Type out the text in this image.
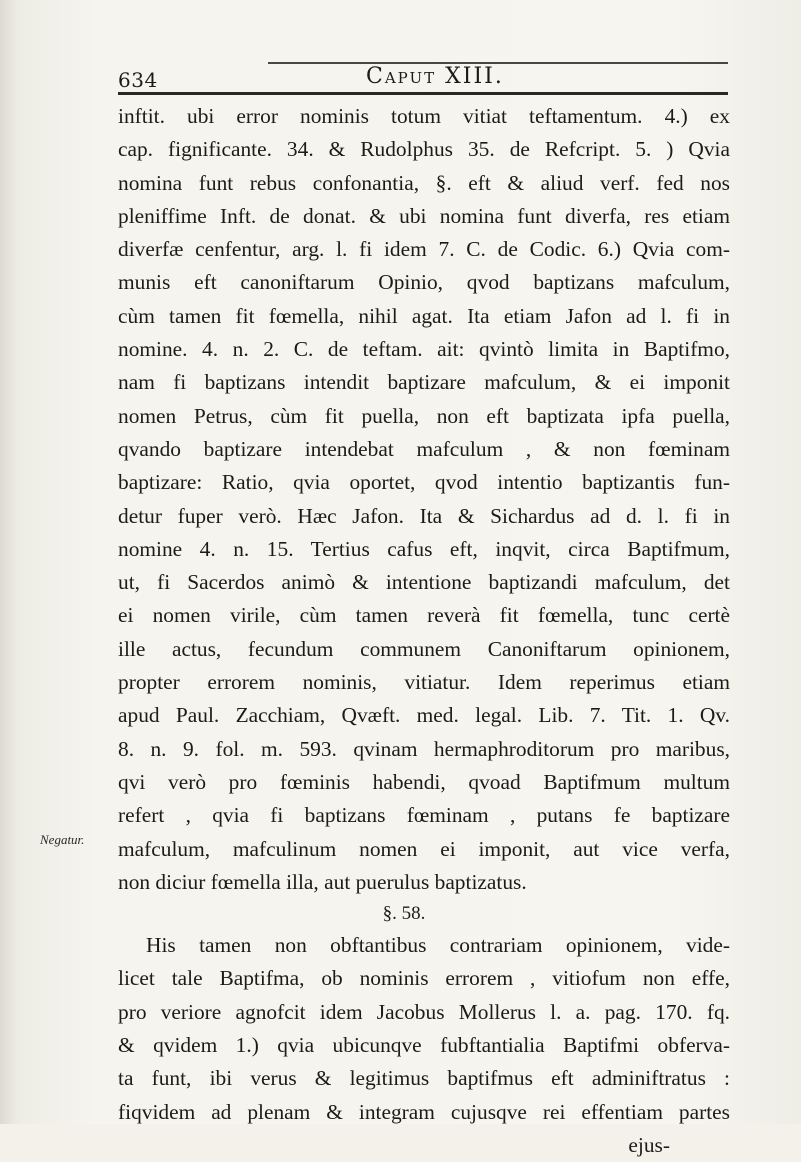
634	Caput XIII.
Negatur.
inftit. ubi error nominis totum vitiat teftamentum. 4.) ex
cap. fignificante. 34. & Rudolphus 35. de Refcript. 5. ) Qvia
nomina funt rebus confonantia, §. eft & aliud verf. fed nos
pleniffime Inft. de donat. & ubi nomina funt diverfa, res etiam
diverfæ cenfentur, arg. l. fi idem 7. C. de Codic. 6.) Qvia com-
munis eft canoniftarum Opinio, qvod baptizans mafculum,
cùm tamen fit fœmella, nihil agat. Ita etiam Jafon ad l. fi in
nomine. 4. n. 2. C. de teftam. ait: qvintò limita in Baptifmo,
nam fi baptizans intendit baptizare mafculum, & ei imponit
nomen Petrus, cùm fit puella, non eft baptizata ipfa puella,
qvando baptizare intendebat mafculum , & non fœminam
baptizare: Ratio, qvia oportet, qvod intentio baptizantis fun-
detur fuper verò. Hæc Jafon. Ita & Sichardus ad d. l. fi in
nomine 4. n. 15. Tertius cafus eft, inqvit, circa Baptifmum,
ut, fi Sacerdos animò & intentione baptizandi mafculum, det
ei nomen virile, cùm tamen reverà fit fœmella, tunc certè
ille actus, fecundum communem Canoniftarum opinionem,
propter errorem nominis, vitiatur. Idem reperimus etiam
apud Paul. Zacchiam, Qvæft. med. legal. Lib. 7. Tit. 1. Qv.
8. n. 9. fol. m. 593. qvinam hermaphroditorum pro maribus,
qvi verò pro fœminis habendi, qvoad Baptifmum multum
refert , qvia fi baptizans fœminam , putans fe baptizare
mafculum, mafculinum nomen ei imponit, aut vice verfa,
non diciur fœmella illa, aut puerulus baptizatus.
§. 58.
His tamen non obftantibus contrariam opinionem, vide-
licet tale Baptifma, ob nominis errorem , vitiofum non effe,
pro veriore agnofcit idem Jacobus Mollerus l. a. pag. 170. fq.
& qvidem 1.) qvia ubicunqve fubftantialia Baptifmi obferva-
ta funt, ibi verus & legitimus baptifmus eft adminiftratus :
fiqvidem ad plenam & integram cujusqve rei effentiam partes
ejus-
